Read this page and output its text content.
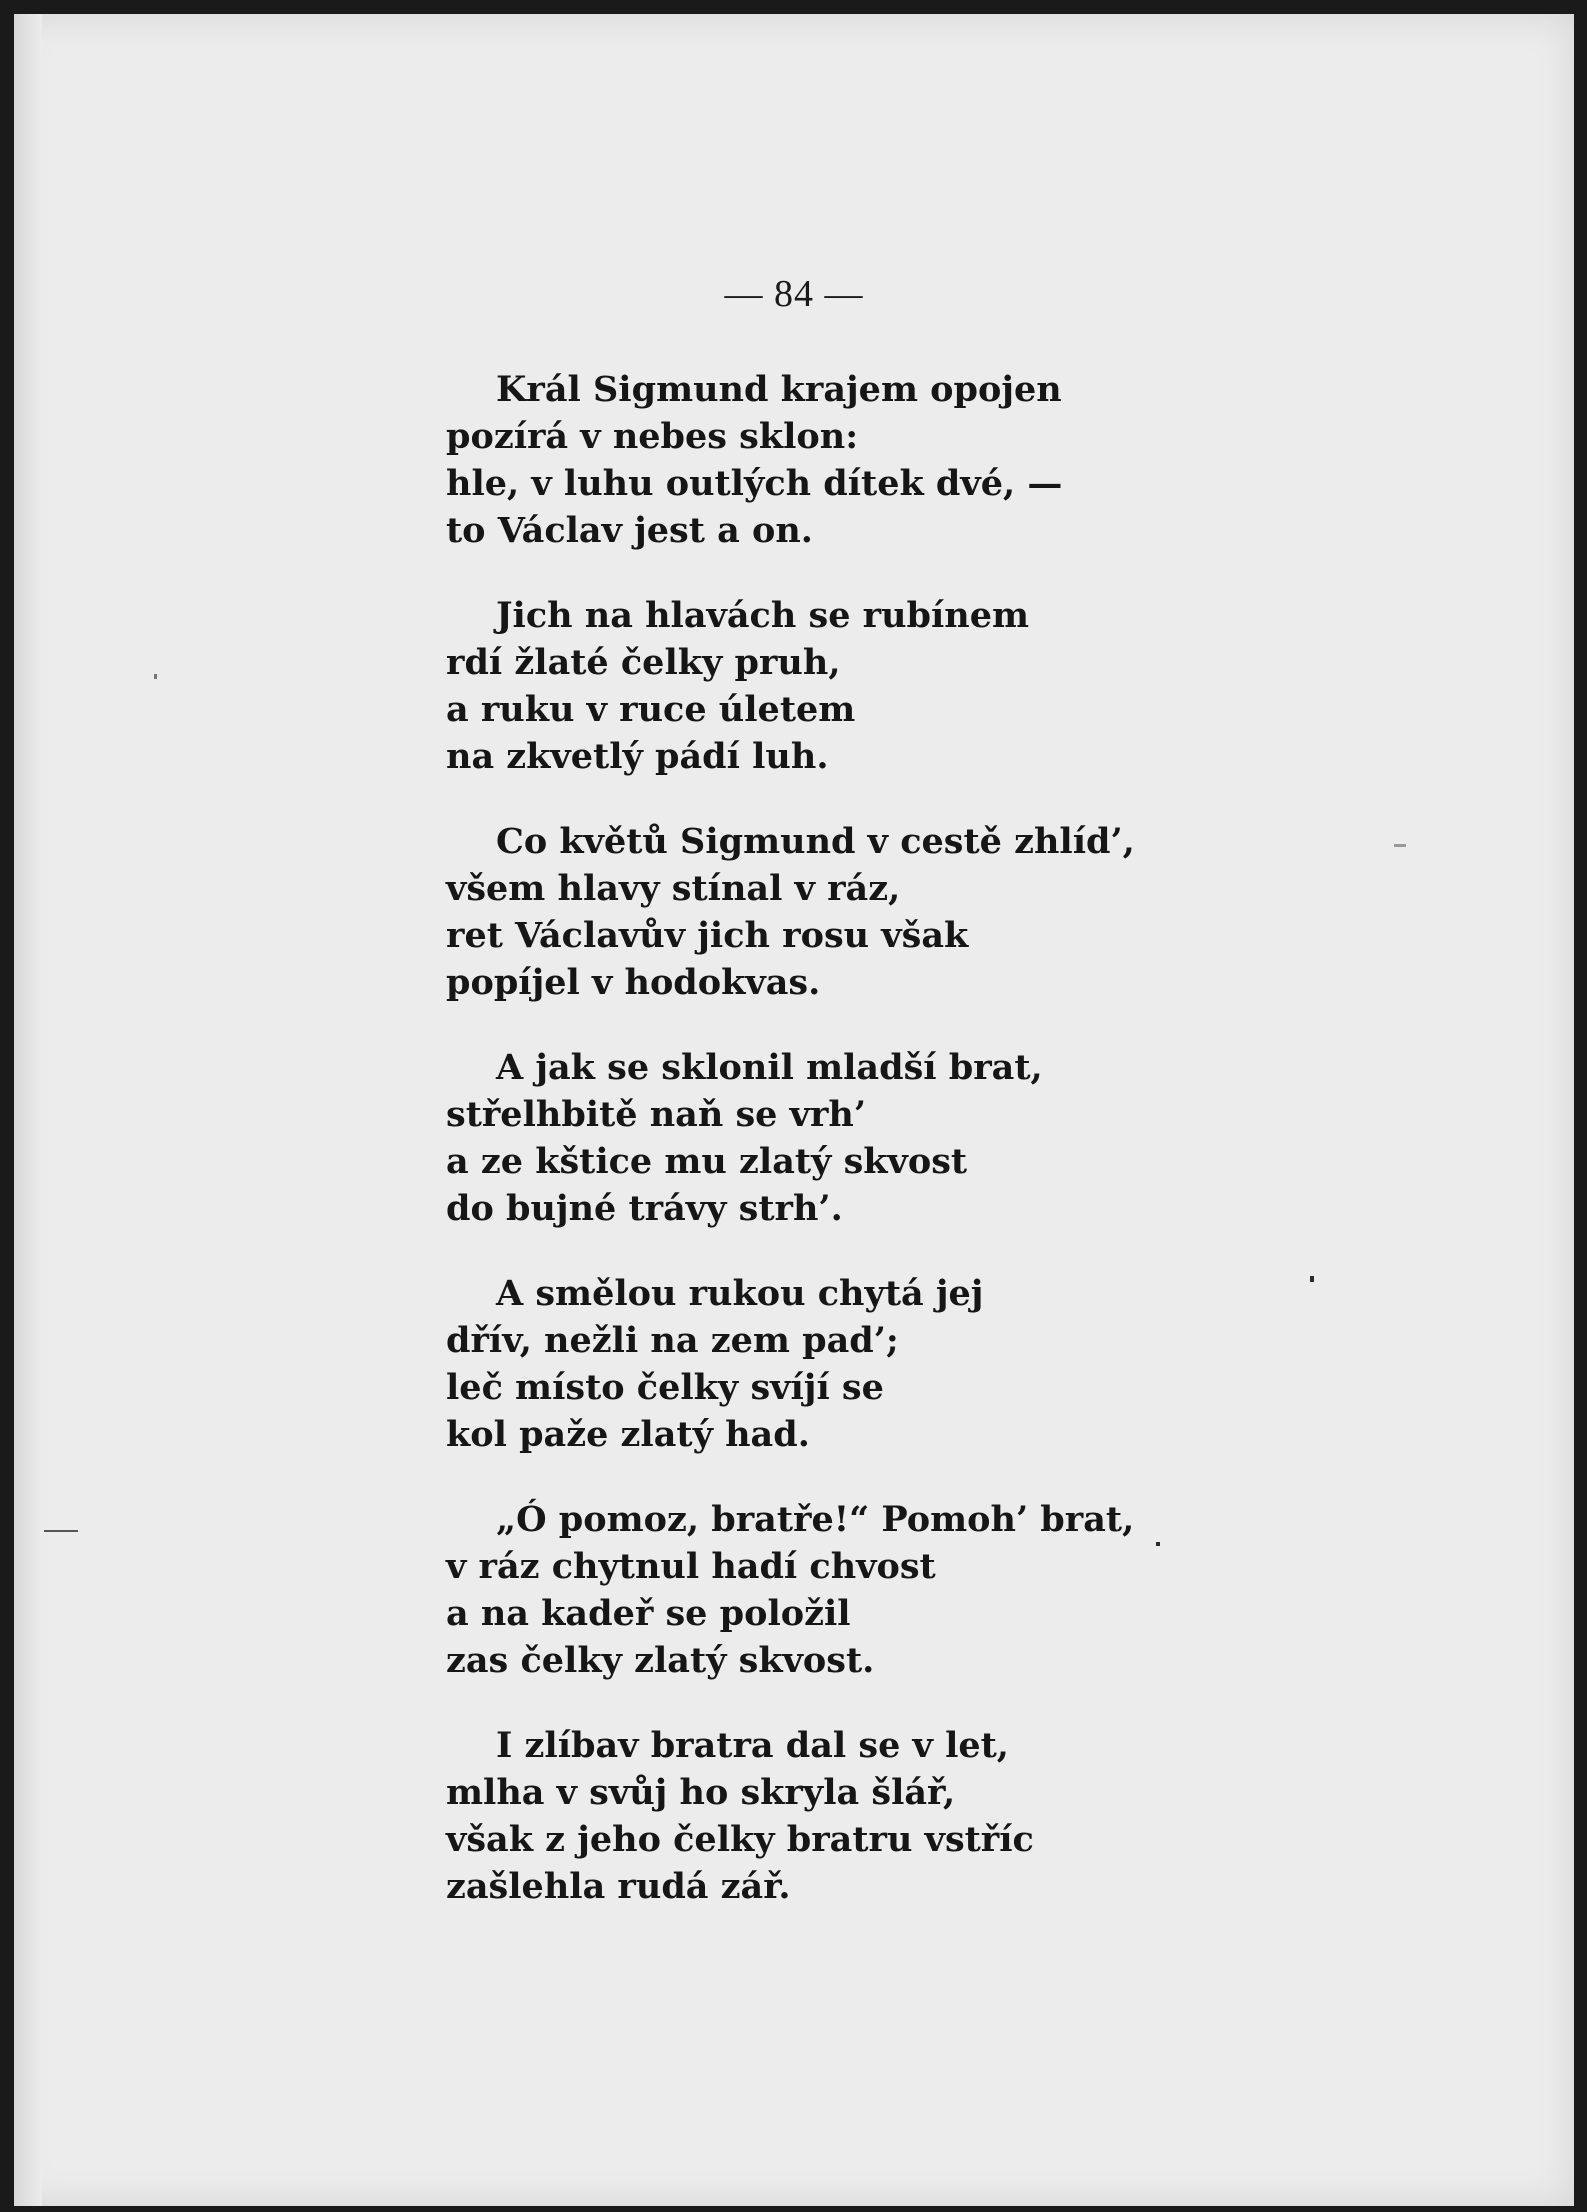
— 84 —
Král Sigmund krajem opojen
pozírá v nebes sklon:
hle, v luhu outlých dítek dvé, —
to Václav jest a on.
Jich na hlavách se rubínem
rdí žlaté čelky pruh,
a ruku v ruce úletem
na zkvetlý pádí luh.
Co květů Sigmund v cestě zhlíd’,
všem hlavy stínal v ráz,
ret Václavův jich rosu však
popíjel v hodokvas.
A jak se sklonil mladší brat,
střelhbitě naň se vrh’
a ze kštice mu zlatý skvost
do bujné trávy strh’.
A smělou rukou chytá jej
dřív, nežli na zem pad’;
leč místo čelky svíjí se
kol paže zlatý had.
„Ó pomoz, bratře!“ Pomoh’ brat,
v ráz chytnul hadí chvost
a na kadeř se položil
zas čelky zlatý skvost.
I zlíbav bratra dal se v let,
mlha v svůj ho skryla šlář,
však z jeho čelky bratru vstříc
zašlehla rudá zář.
